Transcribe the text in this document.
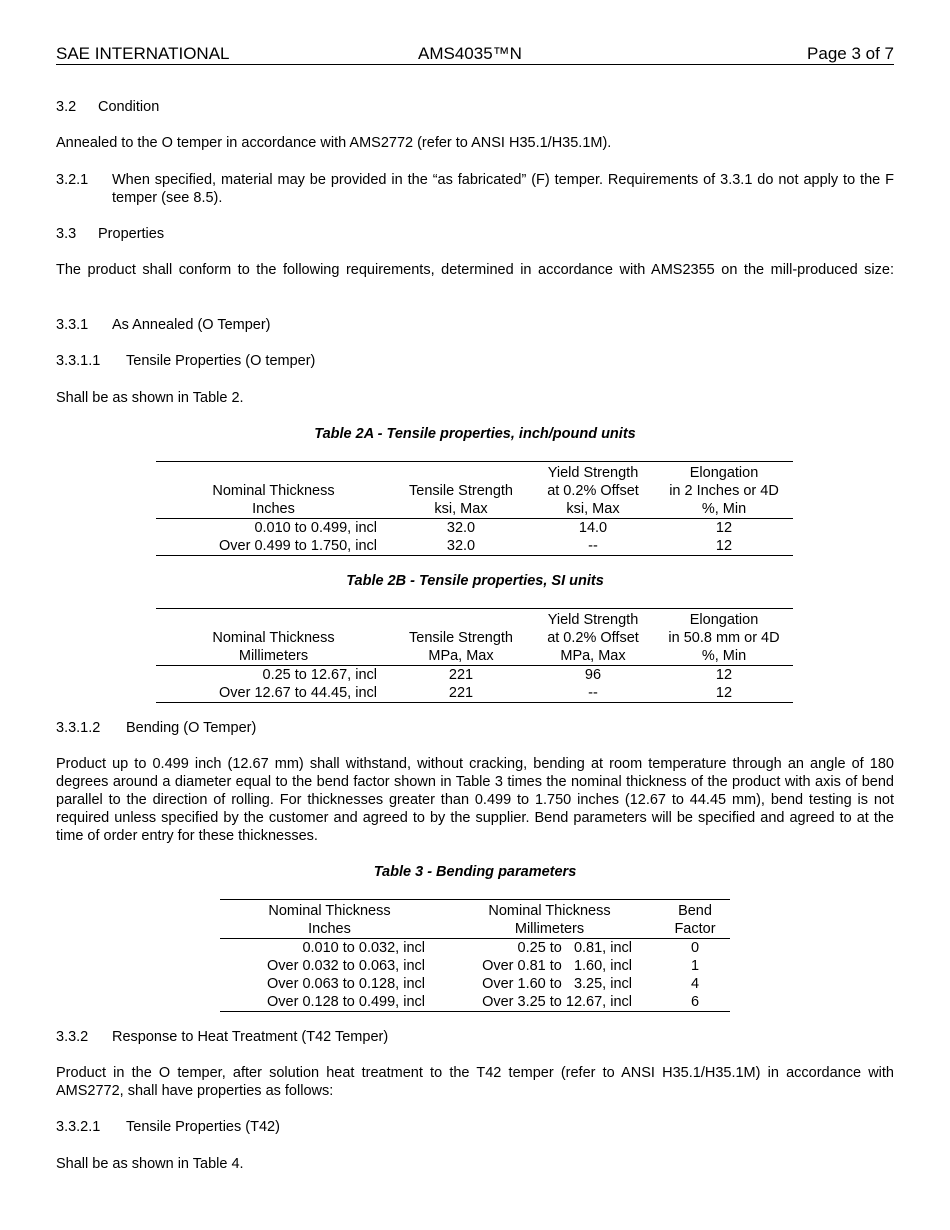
SAE INTERNATIONAL	AMS4035™N	Page 3 of 7
3.2 Condition

Annealed to the O temper in accordance with AMS2772 (refer to ANSI H35.1/H35.1M).

3.2.1 When specified, material may be provided in the “as fabricated” (F) temper. Requirements of 3.3.1 do not apply to the F temper (see 8.5).
3.3 Properties

The product shall conform to the following requirements, determined in accordance with AMS2355 on the mill-produced size:

3.3.1 As Annealed (O Temper)
3.3.1.1 Tensile Properties (O temper)

Shall be as shown in Table 2.

Table 2A - Tensile properties, inch/pound units
		Yield Strength	Elongation
Nominal Thickness	Tensile Strength	at 0.2% Offset	in 2 Inches or 4D
Inches	ksi, Max	ksi, Max	%, Min
0.010 to 0.499, incl	32.0	14.0	12
Over 0.499 to 1.750, incl	32.0	--	12
Table 2B - Tensile properties, SI units
		Yield Strength	Elongation
Nominal Thickness	Tensile Strength	at 0.2% Offset	in 50.8 mm or 4D
Millimeters	MPa, Max	MPa, Max	%, Min
0.25 to 12.67, incl	221	96	12
Over 12.67 to 44.45, incl	221	--	12
3.3.1.2 Bending (O Temper)

Product up to 0.499 inch (12.67 mm) shall withstand, without cracking, bending at room temperature through an angle of 180 degrees around a diameter equal to the bend factor shown in Table 3 times the nominal thickness of the product with axis of bend parallel to the direction of rolling. For thicknesses greater than 0.499 to 1.750 inches (12.67 to 44.45 mm), bend testing is not required unless specified by the customer and agreed to by the supplier. Bend parameters will be specified and agreed to at the time of order entry for these thicknesses.

Table 3 - Bending parameters
Nominal Thickness	Nominal Thickness	Bend
Inches	Millimeters	Factor
0.010 to 0.032, incl	0.25 to   0.81, incl	0
Over 0.032 to 0.063, incl	Over 0.81 to   1.60, incl	1
Over 0.063 to 0.128, incl	Over 1.60 to   3.25, incl	4
Over 0.128 to 0.499, incl	Over 3.25 to 12.67, incl	6
3.3.2 Response to Heat Treatment (T42 Temper)

Product in the O temper, after solution heat treatment to the T42 temper (refer to ANSI H35.1/H35.1M) in accordance with AMS2772, shall have properties as follows:

3.3.2.1 Tensile Properties (T42)

Shall be as shown in Table 4.
